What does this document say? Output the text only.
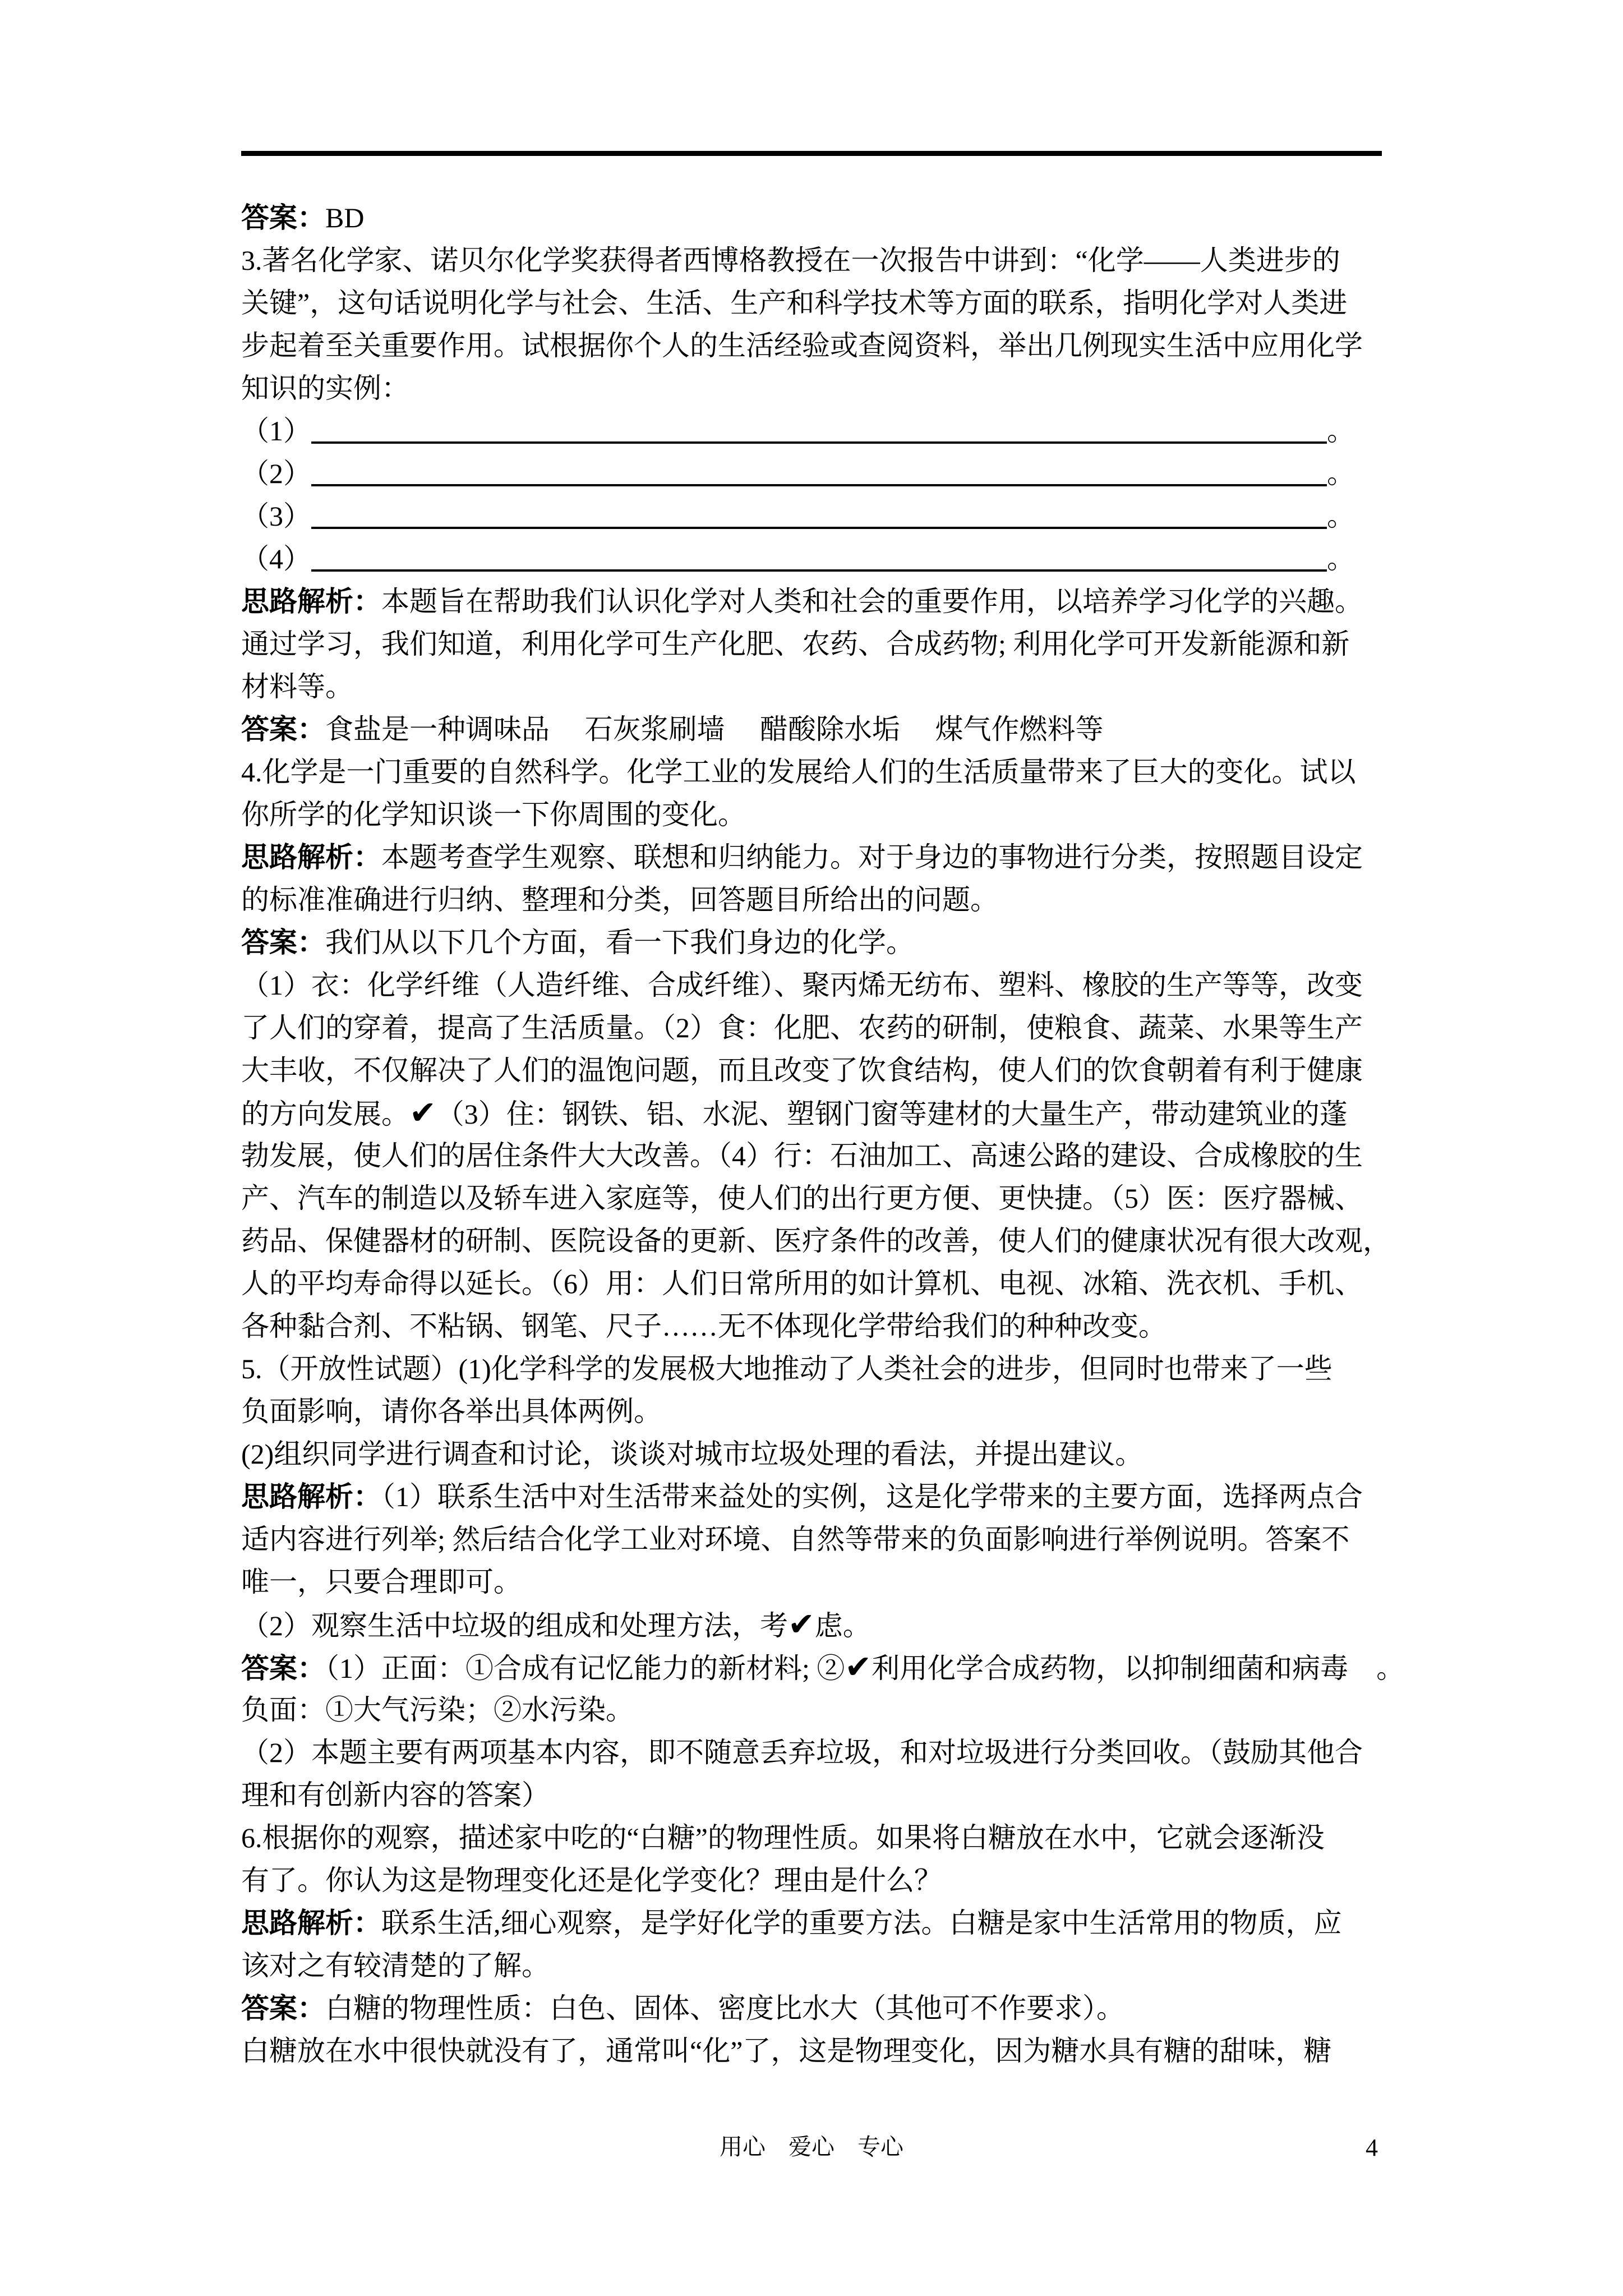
答案：BD
3.著名化学家、诺贝尔化学奖获得者西博格教授在一次报告中讲到：“化学——人类进步的
关键”，这句话说明化学与社会、生活、生产和科学技术等方面的联系，指明化学对人类进
步起着至关重要作用。试根据你个人的生活经验或查阅资料，举出几例现实生活中应用化学
知识的实例：
（1）	。
（2）	。
（3）	。
（4）	。
思路解析：本题旨在帮助我们认识化学对人类和社会的重要作用，以培养学习化学的兴趣。
通过学习，我们知道，利用化学可生产化肥、农药、合成药物; 利用化学可开发新能源和新
材料等。
答案：食盐是一种调味品　 石灰浆刷墙　 醋酸除水垢　 煤气作燃料等
4.化学是一门重要的自然科学。化学工业的发展给人们的生活质量带来了巨大的变化。试以
你所学的化学知识谈一下你周围的变化。
思路解析：本题考查学生观察、联想和归纳能力。对于身边的事物进行分类，按照题目设定
的标准准确进行归纳、整理和分类，回答题目所给出的问题。
答案：我们从以下几个方面，看一下我们身边的化学。
（1）衣：化学纤维（人造纤维、合成纤维）、聚丙烯无纺布、塑料、橡胶的生产等等，改变
了人们的穿着，提高了生活质量。（2）食：化肥、农药的研制，使粮食、蔬菜、水果等生产
大丰收，不仅解决了人们的温饱问题，而且改变了饮食结构，使人们的饮食朝着有利于健康
的方向发展。✔（3）住：钢铁、铝、水泥、塑钢门窗等建材的大量生产，带动建筑业的蓬
勃发展，使人们的居住条件大大改善。（4）行：石油加工、高速公路的建设、合成橡胶的生
产、汽车的制造以及轿车进入家庭等，使人们的出行更方便、更快捷。（5）医：医疗器械、
药品、保健器材的研制、医院设备的更新、医疗条件的改善，使人们的健康状况有很大改观，
人的平均寿命得以延长。（6）用：人们日常所用的如计算机、电视、冰箱、洗衣机、手机、
各种黏合剂、不粘锅、钢笔、尺子……无不体现化学带给我们的种种改变。
5.（开放性试题）(1)化学科学的发展极大地推动了人类社会的进步，但同时也带来了一些
负面影响，请你各举出具体两例。
(2)组织同学进行调查和讨论，谈谈对城市垃圾处理的看法，并提出建议。
思路解析：（1）联系生活中对生活带来益处的实例，这是化学带来的主要方面，选择两点合
适内容进行列举; 然后结合化学工业对环境、自然等带来的负面影响进行举例说明。答案不
唯一，只要合理即可。
（2）观察生活中垃圾的组成和处理方法，考✔虑。
答案：（1）正面：①合成有记忆能力的新材料; ②✔利用化学合成药物，以抑制细菌和病毒　。
负面：①大气污染；②水污染。
（2）本题主要有两项基本内容，即不随意丢弃垃圾，和对垃圾进行分类回收。（鼓励其他合
理和有创新内容的答案）
6.根据你的观察，描述家中吃的“白糖”的物理性质。如果将白糖放在水中，它就会逐渐没
有了。你认为这是物理变化还是化学变化？理由是什么？
思路解析：联系生活,细心观察，是学好化学的重要方法。白糖是家中生活常用的物质，应
该对之有较清楚的了解。
答案：白糖的物理性质：白色、固体、密度比水大（其他可不作要求）。
白糖放在水中很快就没有了，通常叫“化”了，这是物理变化，因为糖水具有糖的甜味，糖
用心　爱心　专心	4
